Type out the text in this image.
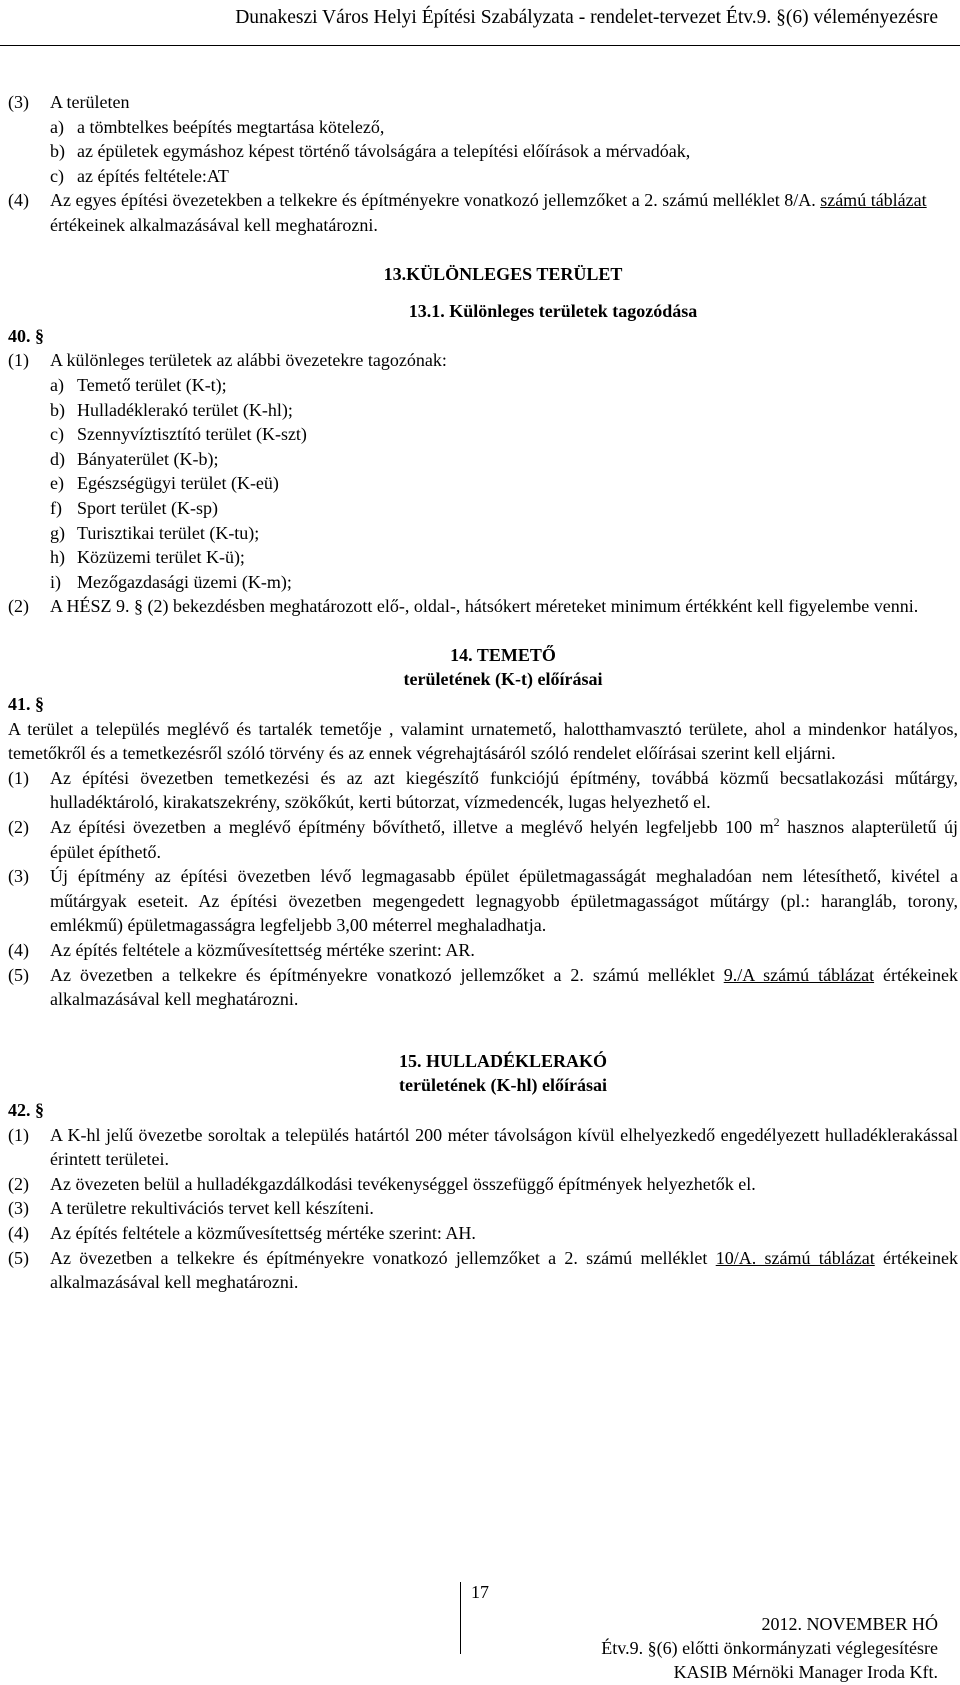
Dunakeszi Város Helyi Építési Szabályzata - rendelet-tervezet Étv.9. §(6) véleményezésre
(3) A területen
a) a tömbtelkes beépítés megtartása kötelező,
b) az épületek egymáshoz képest történő távolságára a telepítési előírások a mérvadóak,
c) az építés feltétele:AT
(4) Az egyes építési övezetekben a telkekre és építményekre vonatkozó jellemzőket a 2. számú melléklet 8/A. számú táblázat értékeinek alkalmazásával kell meghatározni.
13.KÜLÖNLEGES TERÜLET
13.1. Különleges területek tagozódása
40. §
(1) A különleges területek az alábbi övezetekre tagozónak:
a) Temető terület (K-t);
b) Hulladéklerakó terület (K-hl);
c) Szennyvíztisztító terület (K-szt)
d) Bányaterület (K-b);
e) Egészségügyi terület (K-eü)
f) Sport terület (K-sp)
g) Turisztikai terület (K-tu);
h) Közüzemi terület K-ü);
i) Mezőgazdasági üzemi (K-m);
(2) A HÉSZ 9. § (2) bekezdésben meghatározott elő-, oldal-, hátsókert méreteket minimum értékként kell figyelembe venni.
14. TEMETŐ
területének (K-t) előírásai
41. §
A terület a település meglévő és tartalék temetője , valamint urnatemető, halotthamvasztó területe, ahol a mindenkor hatályos, temetőkről és a temetkezésről szóló törvény és az ennek végrehajtásáról szóló rendelet előírásai szerint kell eljárni.
(1) Az építési övezetben temetkezési és az azt kiegészítő funkciójú építmény, továbbá közmű becsatlakozási műtárgy, hulladéktároló, kirakatszekrény, szökőkút, kerti bútorzat, vízmedencék, lugas helyezhető el.
(2) Az építési övezetben a meglévő építmény bővíthető, illetve a meglévő helyén legfeljebb 100 $m^2$ hasznos alapterületű új épület építhető.
(3) Új építmény az építési övezetben lévő legmagasabb épület épületmagasságát meghaladóan nem létesíthető, kivétel a műtárgyak eseteit. Az építési övezetben megengedett legnagyobb épületmagasságot műtárgy (pl.: harangláb, torony, emlékmű) épületmagasságra legfeljebb 3,00 méterrel meghaladhatja.
(4) Az építés feltétele a közművesítettség mértéke szerint: AR.
(5) Az övezetben a telkekre és építményekre vonatkozó jellemzőket a 2. számú melléklet 9./A számú táblázat értékeinek alkalmazásával kell meghatározni.
15. HULLADÉKLERAKÓ
területének (K-hl) előírásai
42. §
(1) A K-hl jelű övezetbe soroltak a település határtól 200 méter távolságon kívül elhelyezkedő engedélyezett hulladéklerakással érintett területei.
(2) Az övezeten belül a hulladékgazdálkodási tevékenységgel összefüggő építmények helyezhetők el.
(3) A területre rekultivációs tervet kell készíteni.
(4) Az építés feltétele a közművesítettség mértéke szerint: AH.
(5) Az övezetben a telkekre és építményekre vonatkozó jellemzőket a 2. számú melléklet 10/A. számú táblázat értékeinek alkalmazásával kell meghatározni.
17
2012. NOVEMBER HÓ
Étv.9. §(6) előtti önkormányzati véglegesítésre
KASIB Mérnöki Manager Iroda Kft.
